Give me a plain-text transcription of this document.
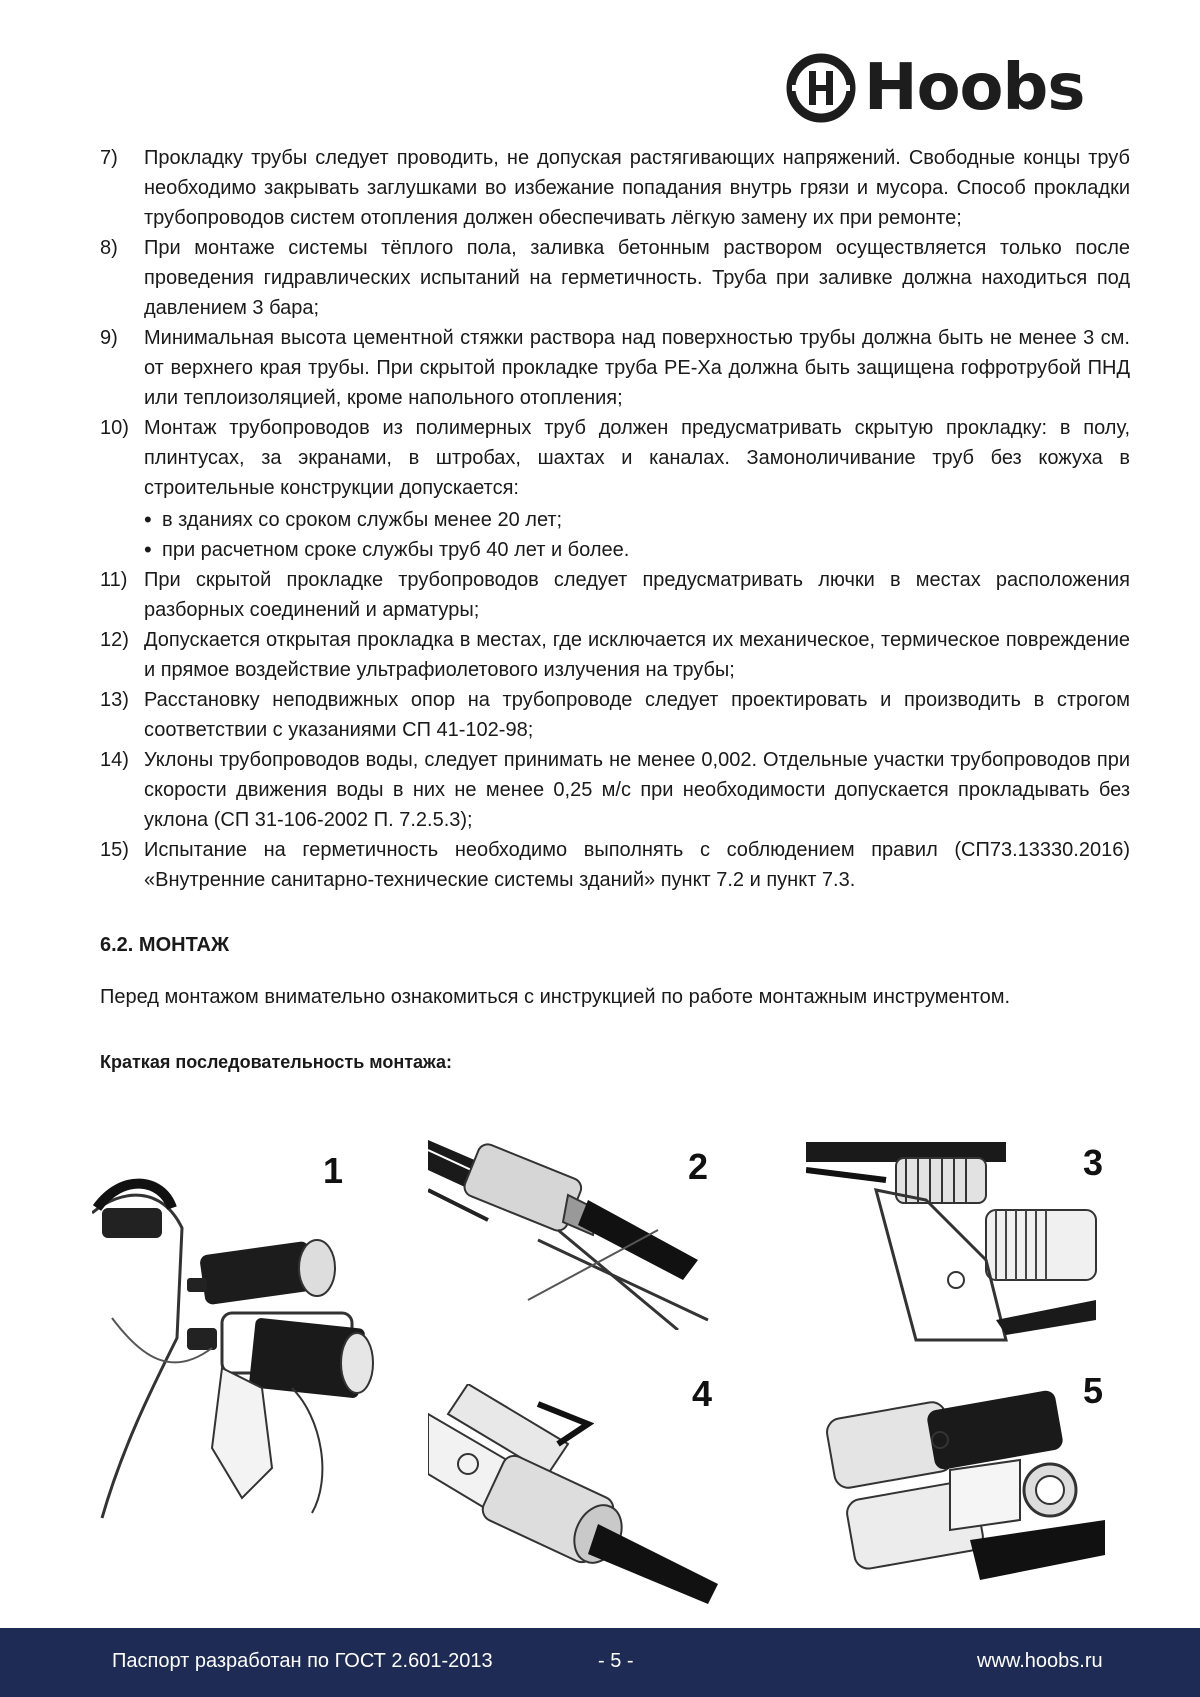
Hoobs
7) Прокладку трубы следует проводить, не допуская растягивающих напряжений. Свободные концы труб необходимо закрывать заглушками во избежание попадания внутрь грязи и мусора. Способ прокладки трубопроводов систем отопления должен обеспечивать лёгкую замену их при ремонте;
8) При монтаже системы тёплого пола, заливка бетонным раствором осуществляется только после проведения гидравлических испытаний на герметичность. Труба при заливке должна находиться под давлением 3 бара;
9) Минимальная высота цементной стяжки раствора над поверхностью трубы должна быть не менее 3 см. от верхнего края трубы. При скрытой прокладке труба PE-Xa должна быть защищена гофротрубой ПНД или теплоизоляцией, кроме напольного отопления;
10) Монтаж трубопроводов из полимерных труб должен предусматривать скрытую прокладку: в полу, плинтусах, за экранами, в штробах, шахтах и каналах. Замоноличивание труб без кожуха в строительные конструкции допускается:
• в зданиях со сроком службы менее 20 лет;
• при расчетном сроке службы труб 40 лет и более.
11) При скрытой прокладке трубопроводов следует предусматривать лючки в местах расположения разборных соединений и арматуры;
12) Допускается открытая прокладка в местах, где исключается их механическое, термическое повреждение и прямое воздействие ультрафиолетового излучения на трубы;
13) Расстановку неподвижных опор на трубопроводе следует проектировать и производить в строгом соответствии с указаниями СП 41-102-98;
14) Уклоны трубопроводов воды, следует принимать не менее 0,002. Отдельные участки трубопроводов при скорости движения воды в них не менее 0,25 м/с при необходимости допускается прокладывать без уклона (СП 31-106-2002 П. 7.2.5.3);
15) Испытание на герметичность необходимо выполнять с соблюдением правил (СП73.13330.2016) «Внутренние санитарно-технические системы зданий» пункт 7.2 и пункт 7.3.
6.2. МОНТАЖ
Перед монтажом внимательно ознакомиться с инструкцией по работе монтажным инструментом.
Краткая последовательность монтажа:
1	2	3
4	5
Паспорт разработан по ГОСТ 2.601-2013	- 5 -	www.hoobs.ru
